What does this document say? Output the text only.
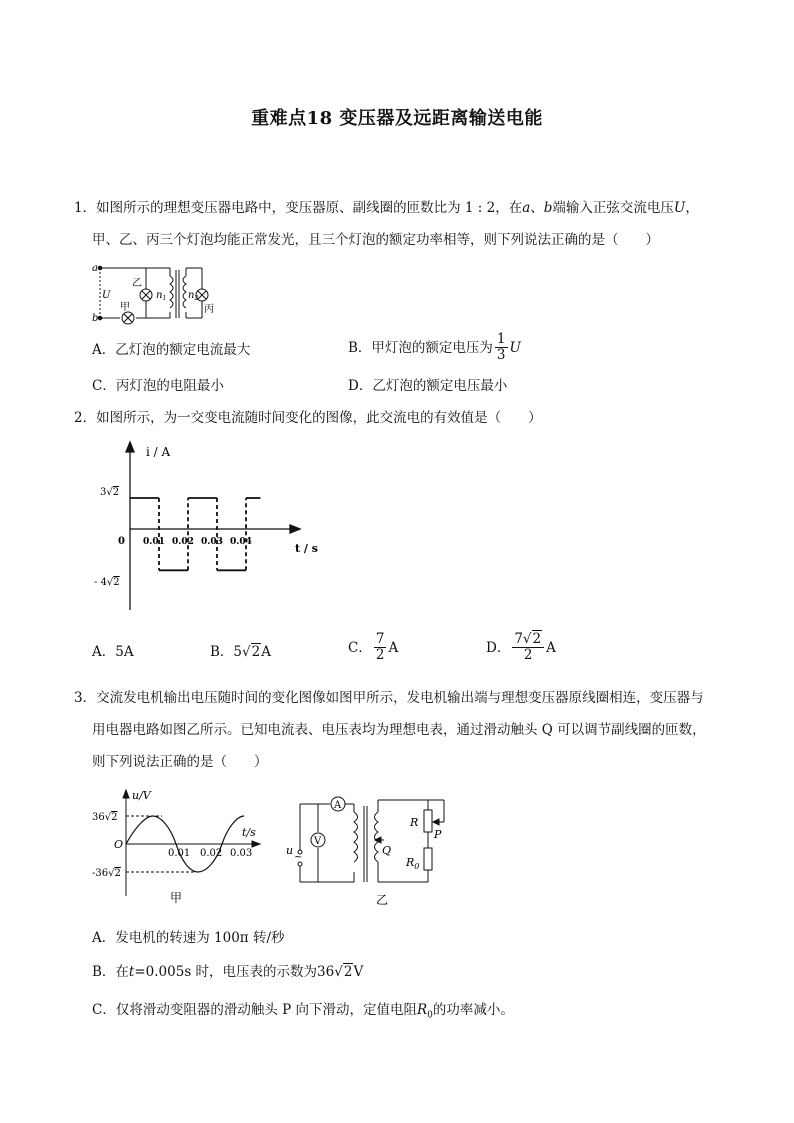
重难点18 变压器及远距离输送电能
1．如图所示的理想变压器电路中，变压器原、副线圈的匝数比为 1 : 2，在a、b端输入正弦交流电压U，
甲、乙、丙三个灯泡均能正常发光，且三个灯泡的额定功率相等，则下列说法正确的是（　　）
a
b
U
甲
乙
$n_1$ $n_2$
丙
A．乙灯泡的额定电流最大	B．甲灯泡的额定电压为 $\frac{1}{3}$ U
C．丙灯泡的电阻最小	D．乙灯泡的额定电压最小
2．如图所示，为一交变电流随时间变化的图像，此交流电的有效值是（　　）
i / A
t / s
0
3√2
- 4√2
0.01 0.02 0.03 0.04
A．5A	B．5√2A	C． $\frac{7}{2}$ A	D． $\frac{7√2}{2}$ A
3．交流发电机输出电压随时间的变化图像如图甲所示，发电机输出端与理想变压器原线圈相连，变压器与
用电器电路如图乙所示。已知电流表、电压表均为理想电表，通过滑动触头 Q 可以调节副线圈的匝数，
则下列说法正确的是（　　）
u/V
t/s
O
36√2
-36√2
0.01 0.02 0.03
甲
A
V
u
~
Q
R
P
$R_0$
乙
A．发电机的转速为 100π 转/秒
B．在t=0.005s 时，电压表的示数为36√2V
C．仅将滑动变阻器的滑动触头 P 向下滑动，定值电阻$R_0$的功率减小。
